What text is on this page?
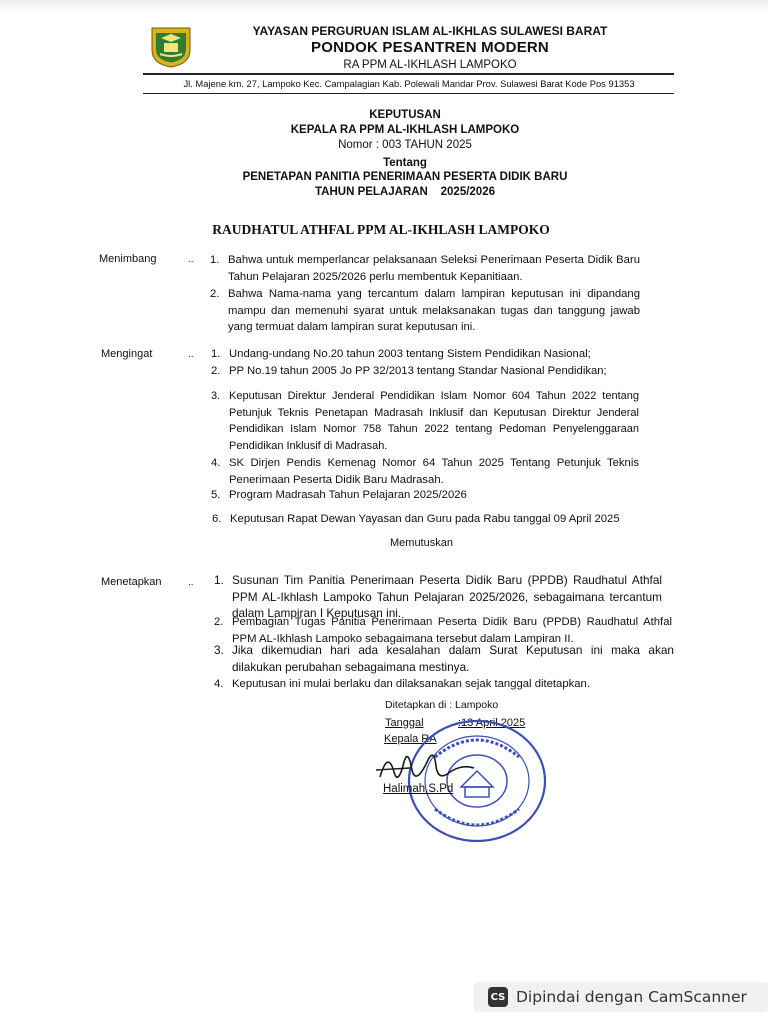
YAYASAN PERGURUAN ISLAM AL-IKHLAS SULAWESI BARAT
PONDOK PESANTREN MODERN
RA PPM AL-IKHLASH LAMPOKO
Jl. Majene km. 27, Lampoko Kec. Campalagian Kab. Polewali Mandar Prov. Sulawesi Barat Kode Pos 91353
KEPUTUSAN
KEPALA RA PPM AL-IKHLASH LAMPOKO
Nomor : 003 TAHUN 2025
Tentang
PENETAPAN PANITIA PENERIMAAN PESERTA DIDIK BARU
TAHUN PELAJARAN    2025/2026
RAUDHATUL ATHFAL PPM AL-IKHLASH LAMPOKO
Menimbang	.. 1. Bahwa untuk memperlancar pelaksanaan Seleksi Penerimaan Peserta Didik Baru Tahun Pelajaran 2025/2026 perlu membentuk Kepanitiaan.
2. Bahwa Nama-nama yang tercantum dalam lampiran keputusan ini dipandang mampu dan memenuhi syarat untuk melaksanakan tugas dan tanggung jawab yang termuat dalam lampiran surat keputusan ini.
Mengingat	.. 1. Undang-undang No.20 tahun 2003 tentang Sistem Pendidikan Nasional;
2. PP No.19 tahun 2005 Jo PP 32/2013 tentang Standar Nasional Pendidikan;
3. Keputusan Direktur Jenderal Pendidikan Islam Nomor 604 Tahun 2022 tentang Petunjuk Teknis Penetapan Madrasah Inklusif dan Keputusan Direktur Jenderal Pendidikan Islam Nomor 758 Tahun 2022 tentang Pedoman Penyelenggaraan Pendidikan Inklusif di Madrasah.
4. SK Dirjen Pendis Kemenag Nomor 64 Tahun 2025 Tentang Petunjuk Teknis Penerimaan Peserta Didik Baru Madrasah.
5. Program Madrasah Tahun Pelajaran 2025/2026
6. Keputusan Rapat Dewan Yayasan dan Guru pada Rabu tanggal 09 April 2025
Memutuskan
Menetapkan	.. 1. Susunan Tim Panitia Penerimaan Peserta Didik Baru (PPDB) Raudhatul Athfal PPM AL-Ikhlash Lampoko Tahun Pelajaran 2025/2026, sebagaimana tercantum dalam Lampiran I Keputusan ini.
2. Pembagian Tugas Panitia Penerimaan Peserta Didik Baru (PPDB) Raudhatul Athfal PPM AL-Ikhlash Lampoko sebagaimana tersebut dalam Lampiran II.
3. Jika dikemudian hari ada kesalahan dalam Surat Keputusan ini maka akan dilakukan perubahan sebagaimana mestinya.
4. Keputusan ini mulai berlaku dan dilaksanakan sejak tanggal ditetapkan.
Ditetapkan di : Lampoko
Tanggal	:13 April 2025
Kepala RA
Halimah,S.Pd
CS Dipindai dengan CamScanner
